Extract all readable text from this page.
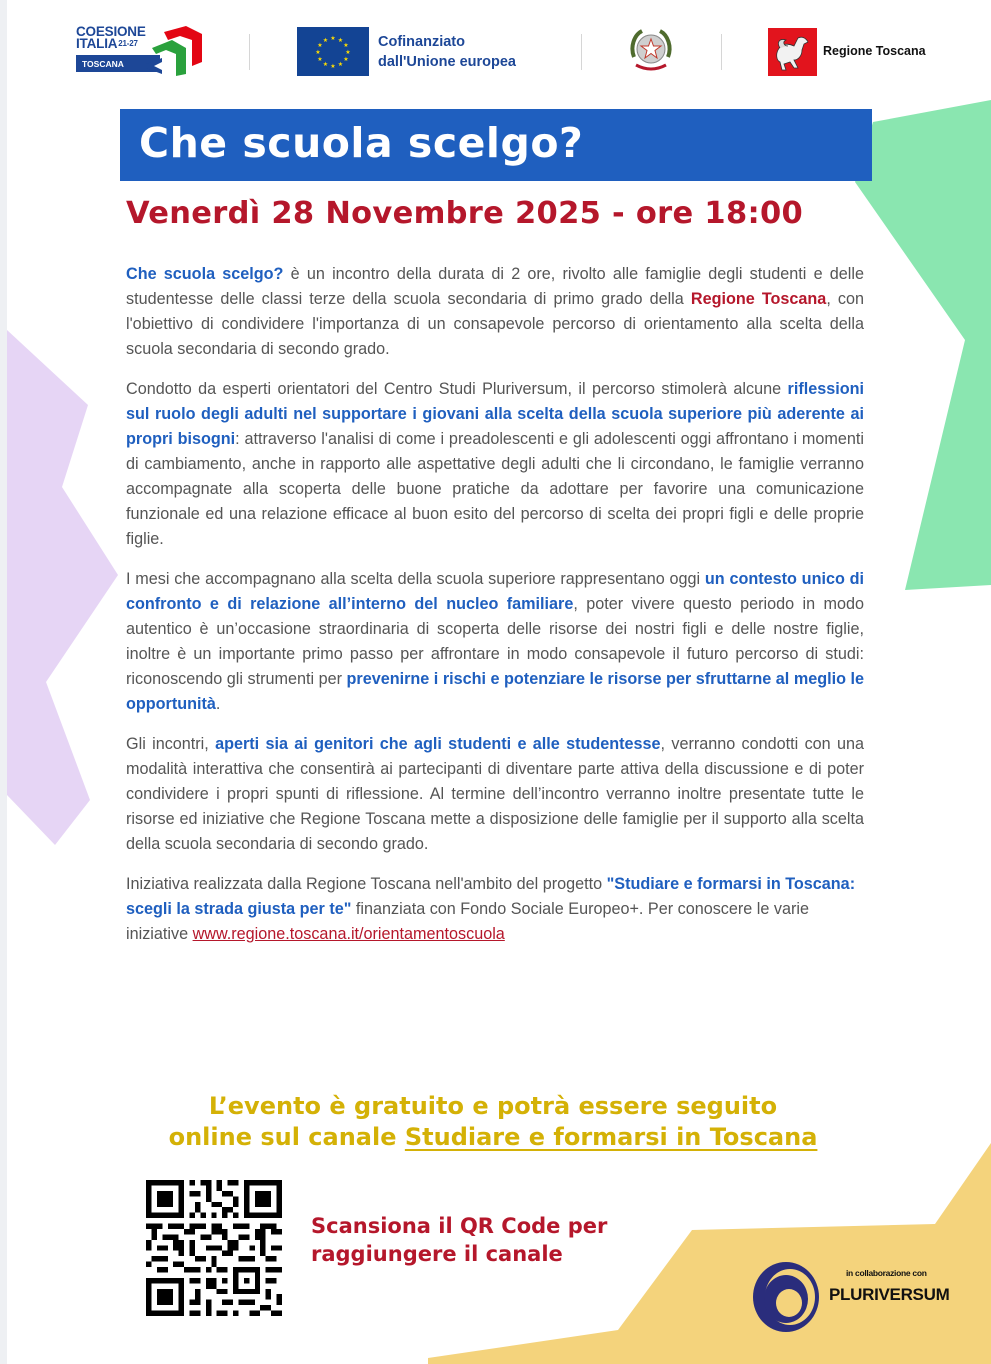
COESIONE
ITALIA$^{21-27}$
TOSCANA
★ ★
★
★
★
★
★
★
★
★
★
★	Cofinanziato
dall'Unione europea
Regione Toscana
Che scuola scelgo?
Venerdì 28 Novembre 2025 - ore 18:00

Che scuola scelgo? è un incontro della durata di 2 ore, rivolto alle famiglie degli studenti e delle studentesse delle classi terze della scuola secondaria di primo grado della Regione Toscana, con l'obiettivo di condividere l'importanza di un consapevole percorso di orientamento alla scelta della scuola secondaria di secondo grado.

Condotto da esperti orientatori del Centro Studi Pluriversum, il percorso stimolerà alcune riflessioni sul ruolo degli adulti nel supportare i giovani alla scelta della scuola superiore più aderente ai propri bisogni: attraverso l'analisi di come i preadolescenti e gli adolescenti oggi affrontano i momenti di cambiamento, anche in rapporto alle aspettative degli adulti che li circondano, le famiglie verranno accompagnate alla scoperta delle buone pratiche da adottare per favorire una comunicazione funzionale ed una relazione efficace al buon esito del percorso di scelta dei propri figli e delle proprie figlie.

I mesi che accompagnano alla scelta della scuola superiore rappresentano oggi un contesto unico di confronto e di relazione all’interno del nucleo familiare, poter vivere questo periodo in modo autentico è un’occasione straordinaria di scoperta delle risorse dei nostri figli e delle nostre figlie, inoltre è un importante primo passo per affrontare in modo consapevole il futuro percorso di studi: riconoscendo gli strumenti per prevenirne i rischi e potenziare le risorse per sfruttarne al meglio le opportunità.

Gli incontri, aperti sia ai genitori che agli studenti e alle studentesse, verranno condotti con una modalità interattiva che consentirà ai partecipanti di diventare parte attiva della discussione e di poter condividere i propri spunti di riflessione. Al termine dell’incontro verranno inoltre presentate tutte le risorse ed iniziative che Regione Toscana mette a disposizione delle famiglie per il supporto alla scelta della scuola secondaria di secondo grado.

Iniziativa realizzata dalla Regione Toscana nell'ambito del progetto "Studiare e formarsi in Toscana: scegli la strada giusta per te" finanziata con Fondo Sociale Europeo+. Per conoscere le varie iniziative www.regione.toscana.it/orientamentoscuola

L’evento è gratuito e potrà essere seguito
online sul canale Studiare e formarsi in Toscana
Scansiona il QR Code per
raggiungere il canale
in collaborazione con
PLURIVERSUM
